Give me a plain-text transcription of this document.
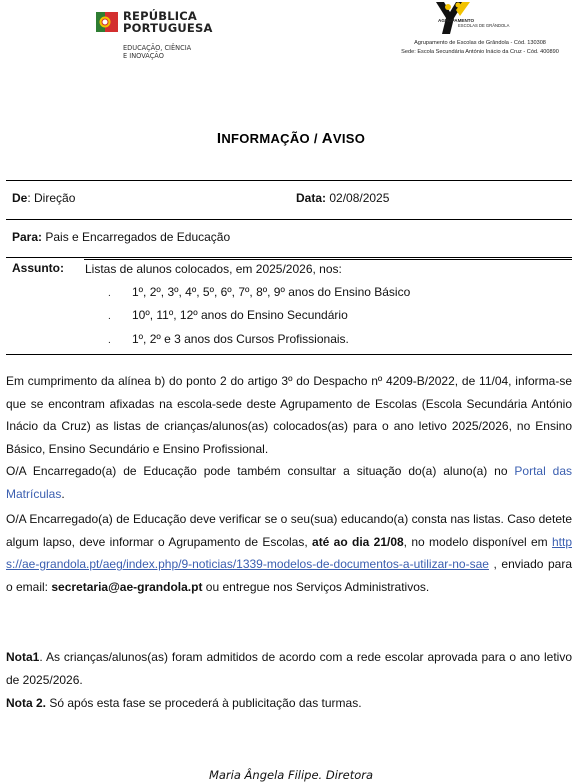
REPÚBLICA
PORTUGUESA
EDUCAÇÃO, CIÊNCIA
E INOVAÇÃO
AGRUPAMENTO
ESCOLAS DE GRÂNDOLA
Agrupamento de Escolas de Grândola - Cód. 130308
Sede: Escola Secundária António Inácio da Cruz - Cód. 400890
INFORMAÇÃO / AVISO
De: Direção	Data: 02/08/2025
Para: Pais e Encarregados de Educação
Assunto: Listas de alunos colocados, em 2025/2026, nos:
. 1º, 2º, 3º, 4º, 5º, 6º, 7º, 8º, 9º anos do Ensino Básico
. 10º, 11º, 12º anos do Ensino Secundário
. 1º, 2º e 3 anos dos Cursos Profissionais.
Em cumprimento da alínea b) do ponto 2 do artigo 3º do Despacho nº 4209-B/2022, de 11/04, informa-se que se encontram afixadas na escola-sede deste Agrupamento de Escolas (Escola Secundária António Inácio da Cruz) as listas de crianças/alunos(as) colocados(as) para o ano letivo 2025/2026, no Ensino Básico, Ensino Secundário e Ensino Profissional.
O/A Encarregado(a) de Educação pode também consultar a situação do(a) aluno(a) no Portal das Matrículas.
O/A Encarregado(a) de Educação deve verificar se o seu(sua) educando(a) consta nas listas. Caso detete algum lapso, deve informar o Agrupamento de Escolas, até ao dia 21/08, no modelo disponível em https://ae-grandola.pt/aeg/index.php/9-noticias/1339-modelos-de-documentos-a-utilizar-no-sae , enviado para o email: secretaria@ae-grandola.pt ou entregue nos Serviços Administrativos.
Nota1. As crianças/alunos(as) foram admitidos de acordo com a rede escolar aprovada para o ano letivo de 2025/2026.
Nota 2. Só após esta fase se procederá à publicitação das turmas.
Maria Ângela Filipe. Diretora
